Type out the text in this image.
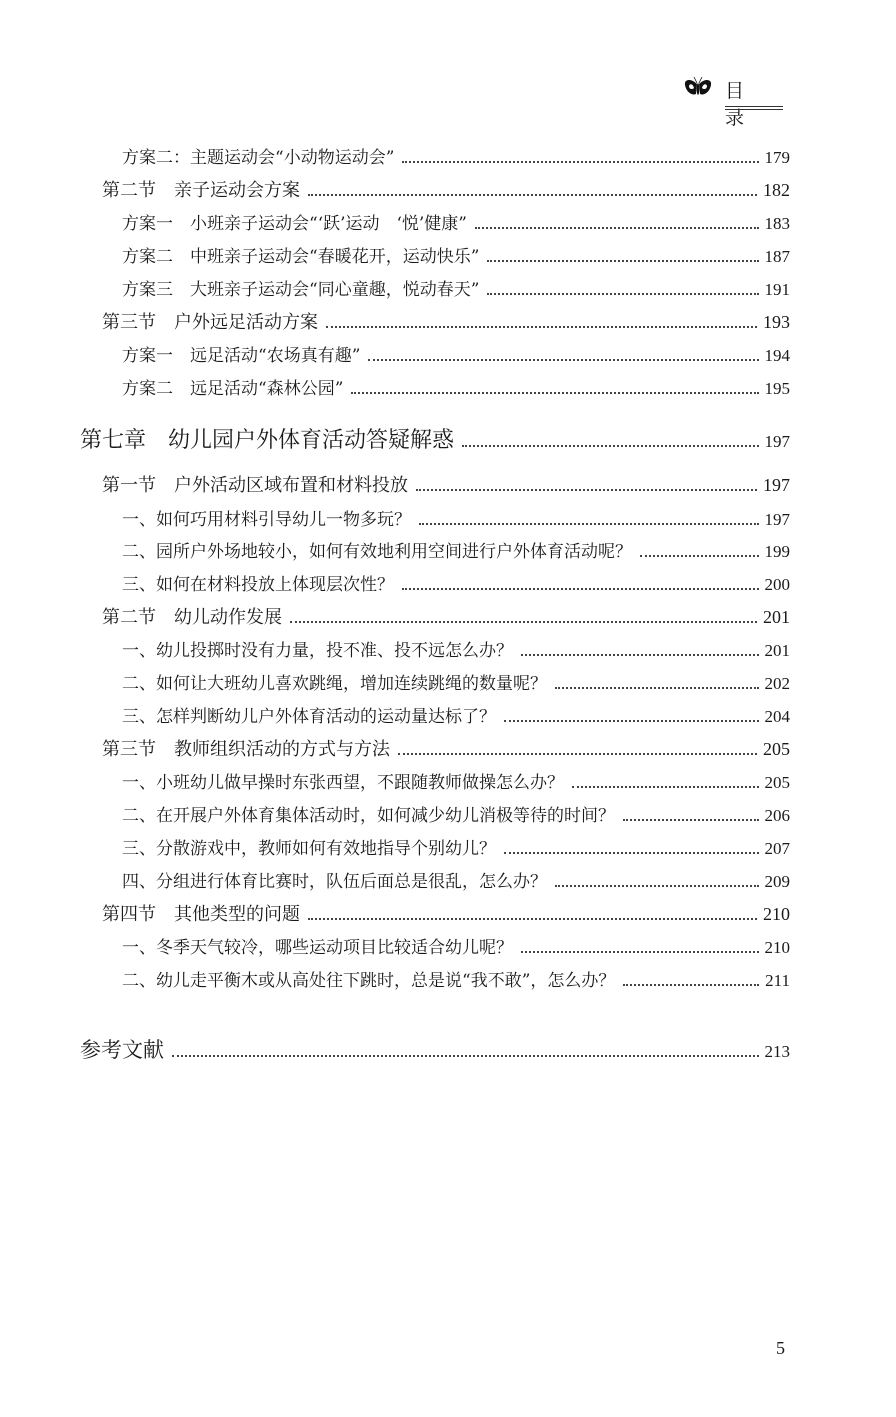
目 录
方案二：主题运动会“小动物运动会”	179
第二节　亲子运动会方案	182
方案一　小班亲子运动会“‘跃’运动　‘悦’健康”	183
方案二　中班亲子运动会“春暖花开，运动快乐”	187
方案三　大班亲子运动会“同心童趣，悦动春天”	191
第三节　户外远足活动方案	193
方案一　远足活动“农场真有趣”	194
方案二　远足活动“森林公园”	195
第七章　幼儿园户外体育活动答疑解惑	197
第一节　户外活动区域布置和材料投放	197
一、如何巧用材料引导幼儿一物多玩？	197
二、园所户外场地较小，如何有效地利用空间进行户外体育活动呢？	199
三、如何在材料投放上体现层次性？	200
第二节　幼儿动作发展	201
一、幼儿投掷时没有力量，投不准、投不远怎么办？	201
二、如何让大班幼儿喜欢跳绳，增加连续跳绳的数量呢？	202
三、怎样判断幼儿户外体育活动的运动量达标了？	204
第三节　教师组织活动的方式与方法	205
一、小班幼儿做早操时东张西望，不跟随教师做操怎么办？	205
二、在开展户外体育集体活动时，如何减少幼儿消极等待的时间？	206
三、分散游戏中，教师如何有效地指导个别幼儿？	207
四、分组进行体育比赛时，队伍后面总是很乱，怎么办？	209
第四节　其他类型的问题	210
一、冬季天气较冷，哪些运动项目比较适合幼儿呢？	210
二、幼儿走平衡木或从高处往下跳时，总是说“我不敢”，怎么办？	211
参考文献	213
5
